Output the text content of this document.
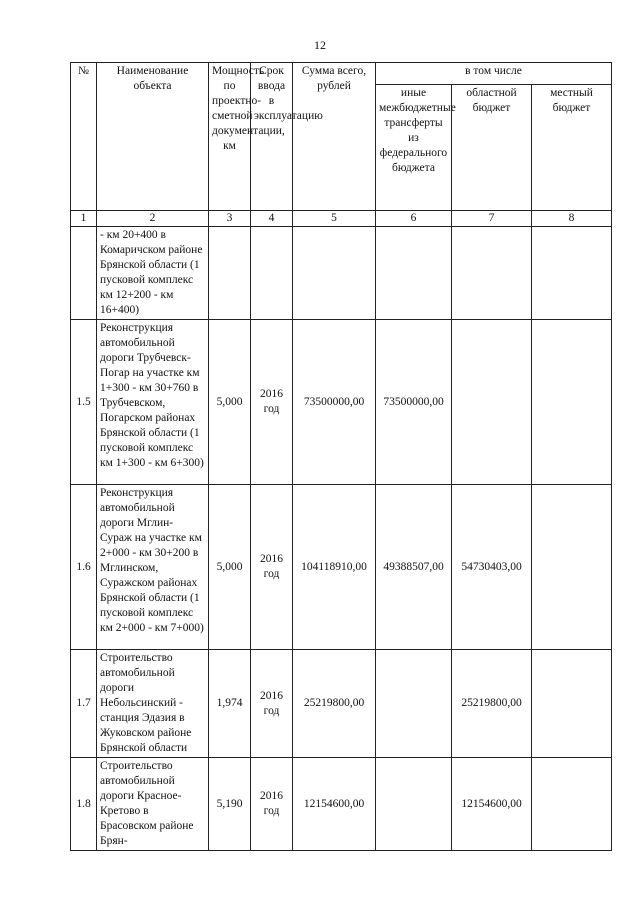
12
№	Наименование объекта	Мощность по проектно-сметной документации, км	Срок ввода в эксплуатацию	Сумма всего, рублей	в том числе		
					иные межбюджетные трансферты из федерального бюджета	областной бюджет	местный бюджет
1	2	3	4	5	6	7	8
	- км 20+400 в Комаричском районе Брянской области (1 пусковой комплекс км 12+200 - км 16+400)						
1.5	Реконструкция автомобильной дороги Трубчевск-Погар на участке км 1+300 - км 30+760 в Трубчевском, Погарском районах Брянской области (1 пусковой комплекс км 1+300 - км 6+300)	5,000	2016 год	73500000,00	73500000,00		
1.6	Реконструкция автомобильной дороги Мглин-Сураж на участке км 2+000 - км 30+200 в Мглинском, Суражском районах Брянской области (1 пусковой комплекс км 2+000 - км 7+000)	5,000	2016 год	104118910,00	49388507,00	54730403,00	
1.7	Строительство автомобильной дороги Небольсинский - станция Эдазия в Жуковском районе Брянской области	1,974	2016 год	25219800,00		25219800,00	
1.8	Строительство автомобильной дороги Красное-Кретово в Брасовском районе Брян-	5,190	2016 год	12154600,00		12154600,00	
